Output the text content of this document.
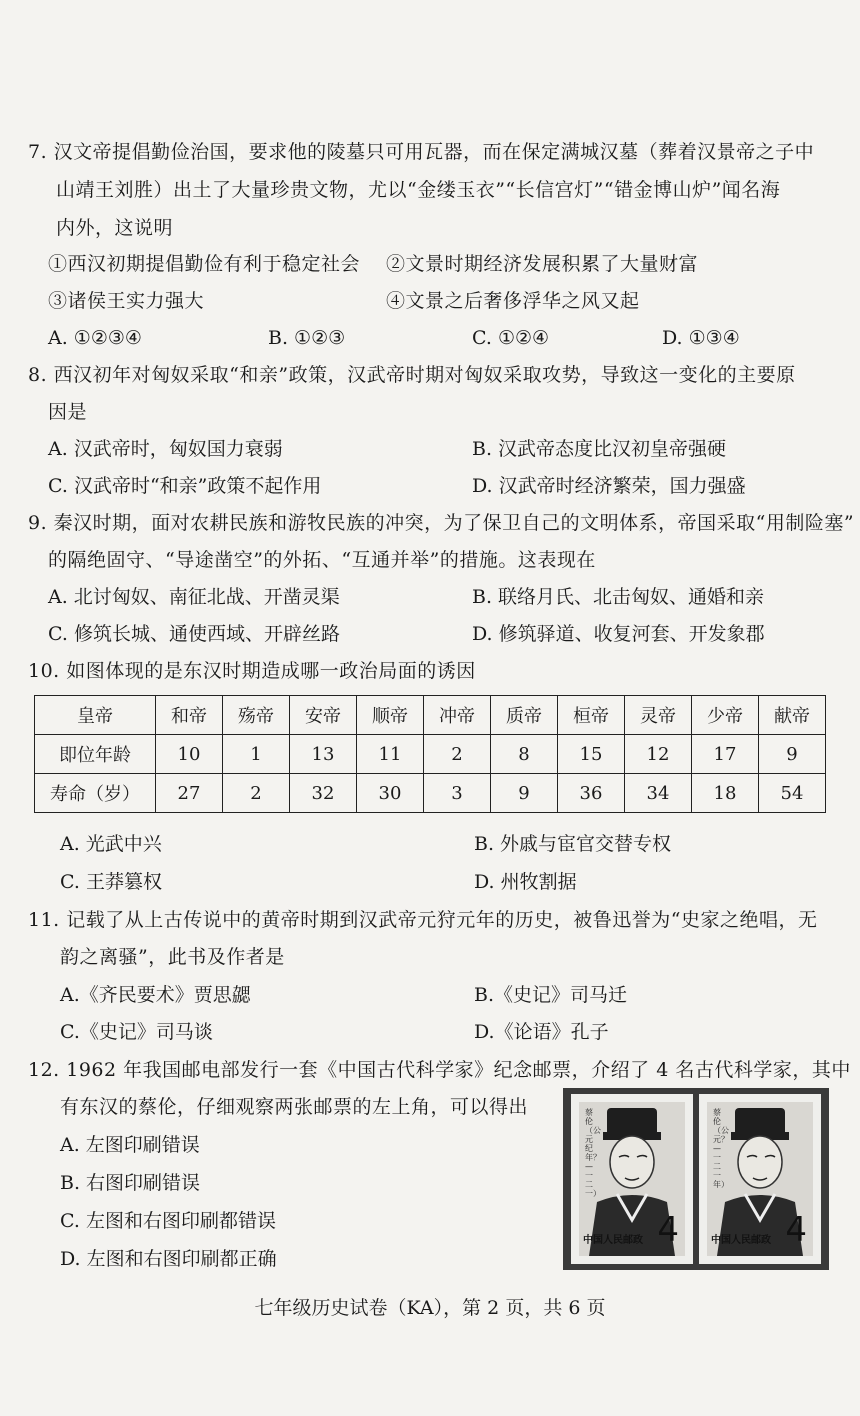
7. 汉文帝提倡勤俭治国，要求他的陵墓只可用瓦器，而在保定满城汉墓（葬着汉景帝之子中
山靖王刘胜）出土了大量珍贵文物，尤以“金缕玉衣”“长信宫灯”“错金博山炉”闻名海
内外，这说明
①西汉初期提倡勤俭有利于稳定社会 ②文景时期经济发展积累了大量财富
③诸侯王实力强大	④文景之后奢侈浮华之风又起
A. ①②③④	B. ①②③	C. ①②④	D. ①③④
8. 西汉初年对匈奴采取“和亲”政策，汉武帝时期对匈奴采取攻势，导致这一变化的主要原
因是
A. 汉武帝时，匈奴国力衰弱	B. 汉武帝态度比汉初皇帝强硬
C. 汉武帝时“和亲”政策不起作用	D. 汉武帝时经济繁荣，国力强盛
9. 秦汉时期，面对农耕民族和游牧民族的冲突，为了保卫自己的文明体系，帝国采取“用制险塞”
的隔绝固守、“导途凿空”的外拓、“互通并举”的措施。这表现在
A. 北讨匈奴、南征北战、开凿灵渠	B. 联络月氏、北击匈奴、通婚和亲
C. 修筑长城、通使西域、开辟丝路	D. 修筑驿道、收复河套、开发象郡
10. 如图体现的是东汉时期造成哪一政治局面的诱因
皇帝	和帝	殇帝	安帝	顺帝	冲帝	质帝	桓帝	灵帝	少帝	献帝
即位年龄	10	1	13	11	2	8	15	12	17	9
寿命（岁）	27	2	32	30	3	9	36	34	18	54
A. 光武中兴	B. 外戚与宦官交替专权
C. 王莽篡权	D. 州牧割据
11. 记载了从上古传说中的黄帝时期到汉武帝元狩元年的历史，被鲁迅誉为“史家之绝唱，无
韵之离骚”，此书及作者是
A.《齐民要术》贾思勰	B.《史记》司马迁
C.《史记》司马谈	D.《论语》孔子
12. 1962 年我国邮电部发行一套《中国古代科学家》纪念邮票，介绍了 4 名古代科学家，其中
有东汉的蔡伦，仔细观察两张邮票的左上角，可以得出
A. 左图印刷错误
B. 右图印刷错误
C. 左图和右图印刷都错误
D. 左图和右图印刷都正确
蔡伦（公元纪年？—一二一）
中国人民邮政 4
蔡伦（公元？—一二一年）
中国人民邮政 4
七年级历史试卷（KA），第 2 页，共 6 页
